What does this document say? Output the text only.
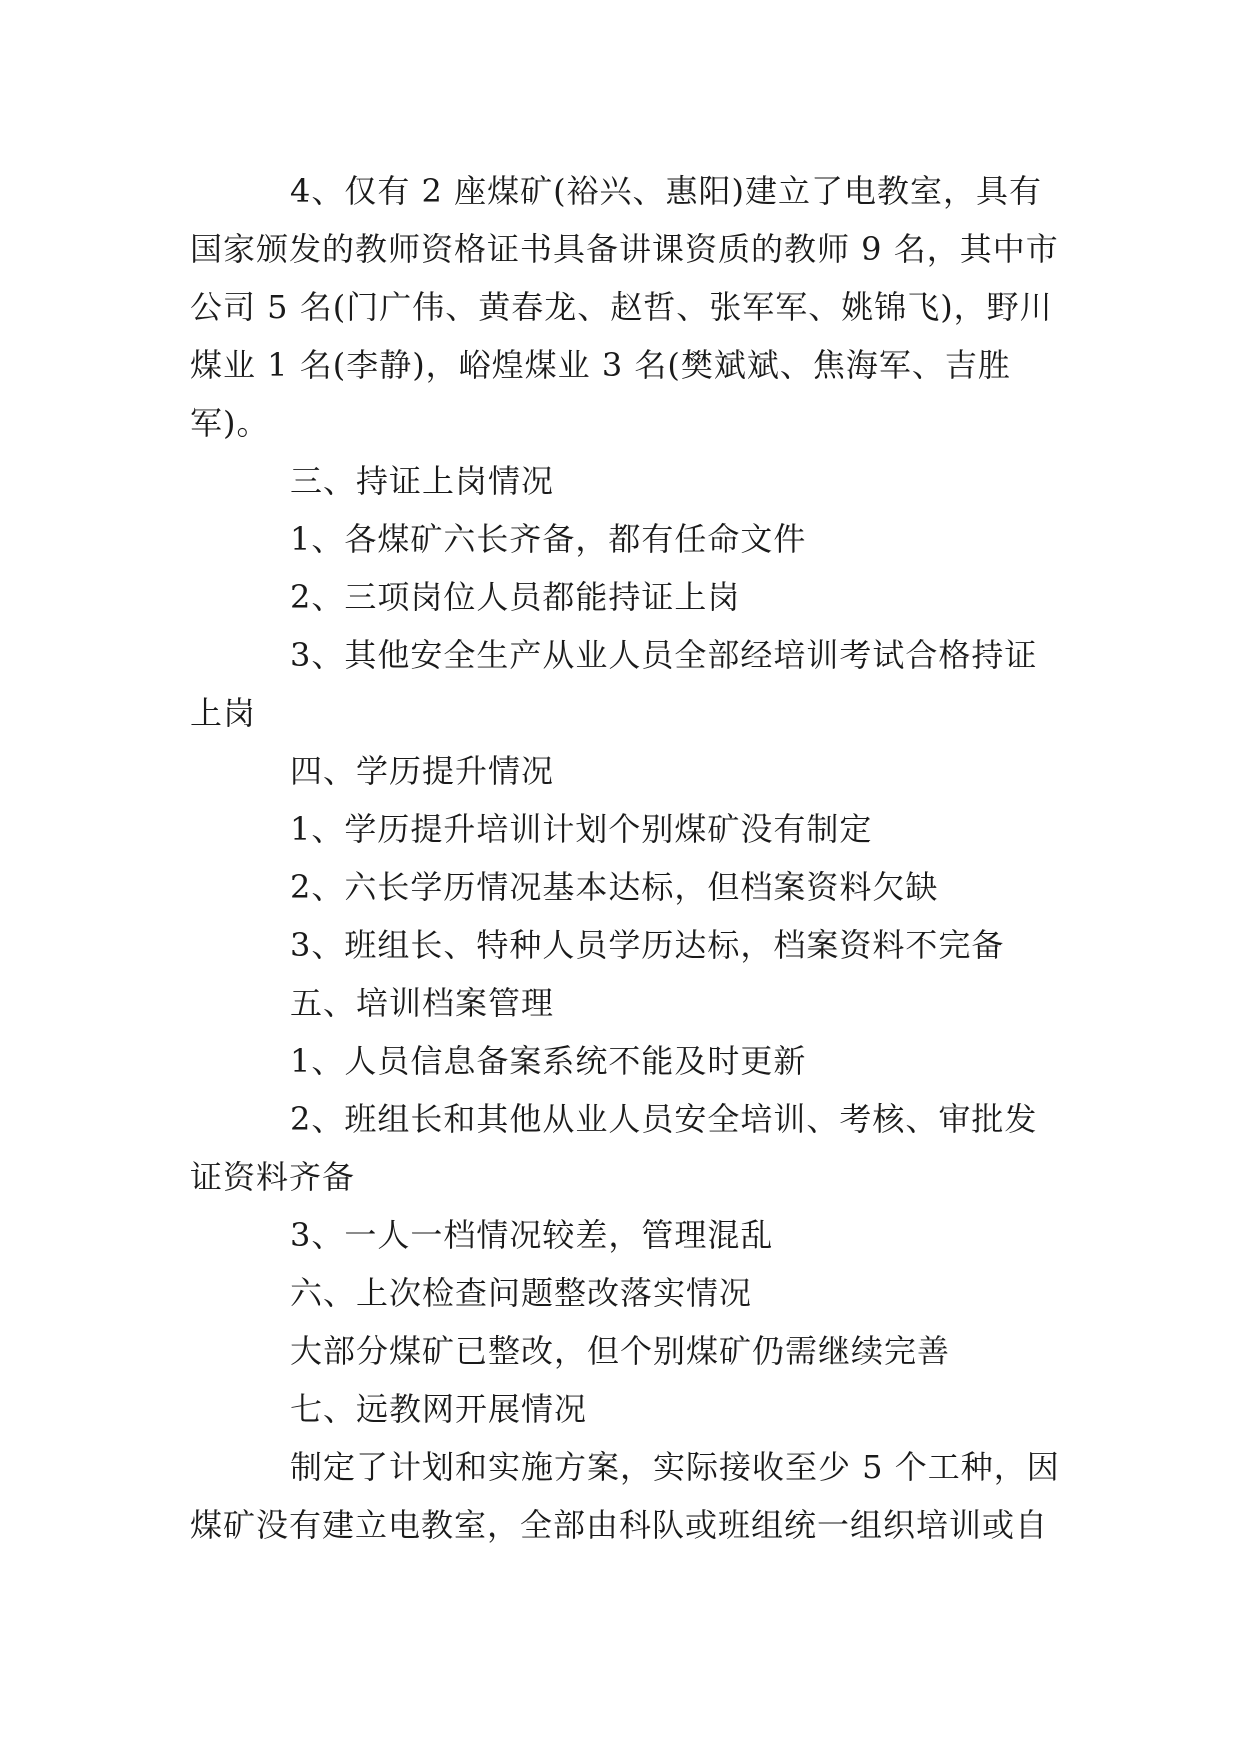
4、仅有 2 座煤矿(裕兴、惠阳)建立了电教室，具有
国家颁发的教师资格证书具备讲课资质的教师 9 名，其中市
公司 5 名(门广伟、黄春龙、赵哲、张军军、姚锦飞)，野川
煤业 1 名(李静)，峪煌煤业 3 名(樊斌斌、焦海军、吉胜
军)。
三、持证上岗情况
1、各煤矿六长齐备，都有任命文件
2、三项岗位人员都能持证上岗
3、其他安全生产从业人员全部经培训考试合格持证
上岗
四、学历提升情况
1、学历提升培训计划个别煤矿没有制定
2、六长学历情况基本达标，但档案资料欠缺
3、班组长、特种人员学历达标，档案资料不完备
五、培训档案管理
1、人员信息备案系统不能及时更新
2、班组长和其他从业人员安全培训、考核、审批发
证资料齐备
3、一人一档情况较差，管理混乱
六、上次检查问题整改落实情况
大部分煤矿已整改，但个别煤矿仍需继续完善
七、远教网开展情况
制定了计划和实施方案，实际接收至少 5 个工种，因
煤矿没有建立电教室，全部由科队或班组统一组织培训或自
